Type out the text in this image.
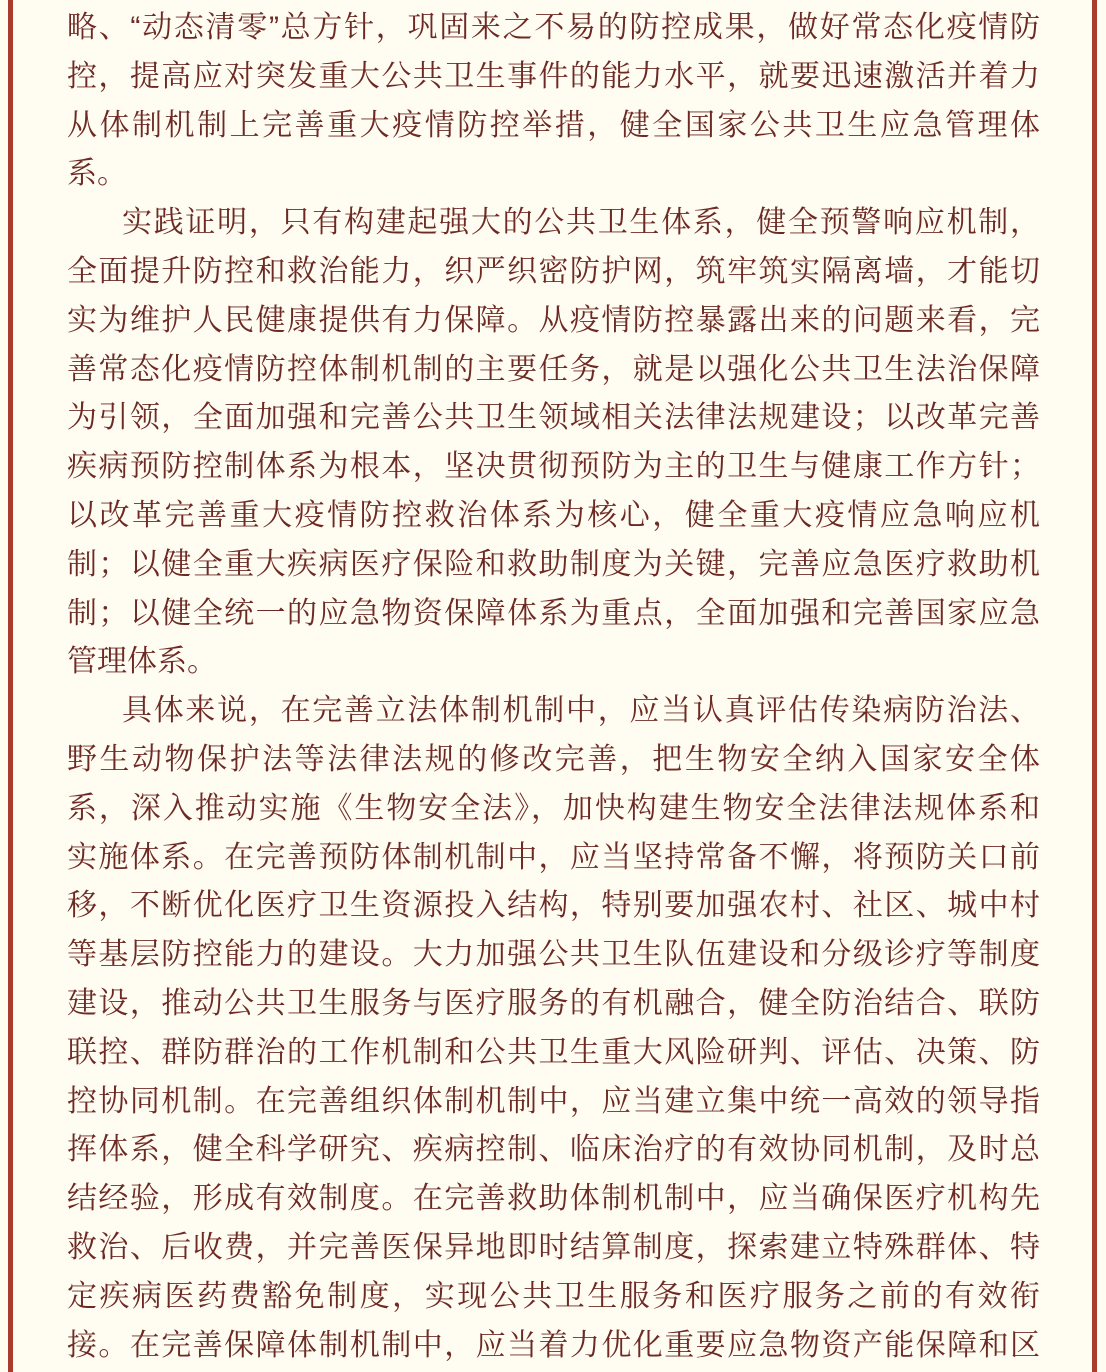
略、“动态清零”总方针，巩固来之不易的防控成果，做好常态化疫情防
控，提高应对突发重大公共卫生事件的能力水平，就要迅速激活并着力
从体制机制上完善重大疫情防控举措，健全国家公共卫生应急管理体
系。
实践证明，只有构建起强大的公共卫生体系，健全预警响应机制，
全面提升防控和救治能力，织严织密防护网，筑牢筑实隔离墙，才能切
实为维护人民健康提供有力保障。从疫情防控暴露出来的问题来看，完
善常态化疫情防控体制机制的主要任务，就是以强化公共卫生法治保障
为引领，全面加强和完善公共卫生领域相关法律法规建设；以改革完善
疾病预防控制体系为根本，坚决贯彻预防为主的卫生与健康工作方针；
以改革完善重大疫情防控救治体系为核心，健全重大疫情应急响应机
制；以健全重大疾病医疗保险和救助制度为关键，完善应急医疗救助机
制；以健全统一的应急物资保障体系为重点，全面加强和完善国家应急
管理体系。
具体来说，在完善立法体制机制中，应当认真评估传染病防治法、
野生动物保护法等法律法规的修改完善，把生物安全纳入国家安全体
系，深入推动实施《生物安全法》，加快构建生物安全法律法规体系和
实施体系。在完善预防体制机制中，应当坚持常备不懈，将预防关口前
移，不断优化医疗卫生资源投入结构，特别要加强农村、社区、城中村
等基层防控能力的建设。大力加强公共卫生队伍建设和分级诊疗等制度
建设，推动公共卫生服务与医疗服务的有机融合，健全防治结合、联防
联控、群防群治的工作机制和公共卫生重大风险研判、评估、决策、防
控协同机制。在完善组织体制机制中，应当建立集中统一高效的领导指
挥体系，健全科学研究、疾病控制、临床治疗的有效协同机制，及时总
结经验，形成有效制度。在完善救助体制机制中，应当确保医疗机构先
救治、后收费，并完善医保异地即时结算制度，探索建立特殊群体、特
定疾病医药费豁免制度，实现公共卫生服务和医疗服务之前的有效衔
接。在完善保障体制机制中，应当着力优化重要应急物资产能保障和区
